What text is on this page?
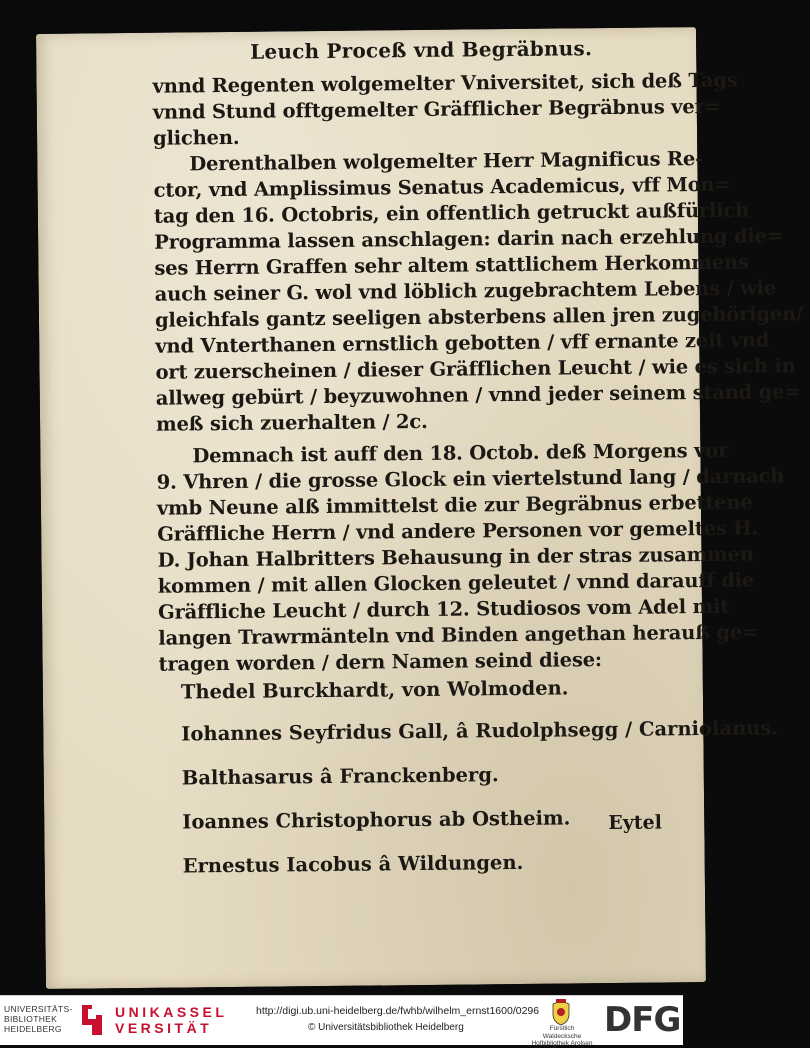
Leuch Proceß vnd Begräbnus.
vnnd Regenten wolgemelter Vniversitet, sich deß Tags
vnnd Stund offtgemelter Gräfflicher Begräbnus ver=
glichen.
Derenthalben wolgemelter Herr Magnificus Re-
ctor, vnd Amplissimus Senatus Academicus, vff Mon=
tag den 16. Octobris, ein offentlich getruckt außfürlich
Programma lassen anschlagen: darin nach erzehlung die=
ses Herrn Graffen sehr altem stattlichem Herkommens
auch seiner G. wol vnd löblich zugebrachtem Lebens / wie
gleichfals gantz seeligen absterbens allen jren zugehörigen/
vnd Vnterthanen ernstlich gebotten / vff ernante zeit vnd
ort zuerscheinen / dieser Gräfflichen Leucht / wie es sich in
allweg gebürt / beyzuwohnen / vnnd jeder seinem stand ge=
meß sich zuerhalten / 2c.
Demnach ist auff den 18. Octob. deß Morgens vor
9. Vhren / die grosse Glock ein viertelstund lang / darnach
vmb Neune alß immittelst die zur Begräbnus erbettene
Gräffliche Herrn / vnd andere Personen vor gemeltes H.
D. Johan Halbritters Behausung in der stras zusammen
kommen / mit allen Glocken geleutet / vnnd darauff die
Gräffliche Leucht / durch 12. Studiosos vom Adel mit
langen Trawrmänteln vnd Binden angethan herauß ge=
tragen worden / dern Namen seind diese:
Thedel Burckhardt, von Wolmoden.
Iohannes Seyfridus Gall, â Rudolphsegg / Carniolanus.
Balthasarus â Franckenberg.
Ioannes Christophorus ab Ostheim.
Ernestus Iacobus â Wildungen.
Eytel
UNIVERSITÄTS-
BIBLIOTHEK
HEIDELBERG
UNIKASSEL
VERSITÄT
http://digi.ub.uni-heidelberg.de/fwhb/wilhelm_ernst1600/0296
© Universitätsbibliothek Heidelberg	Fürstlich Waldecksche
Hofbibliothek Arolsen
DFG
